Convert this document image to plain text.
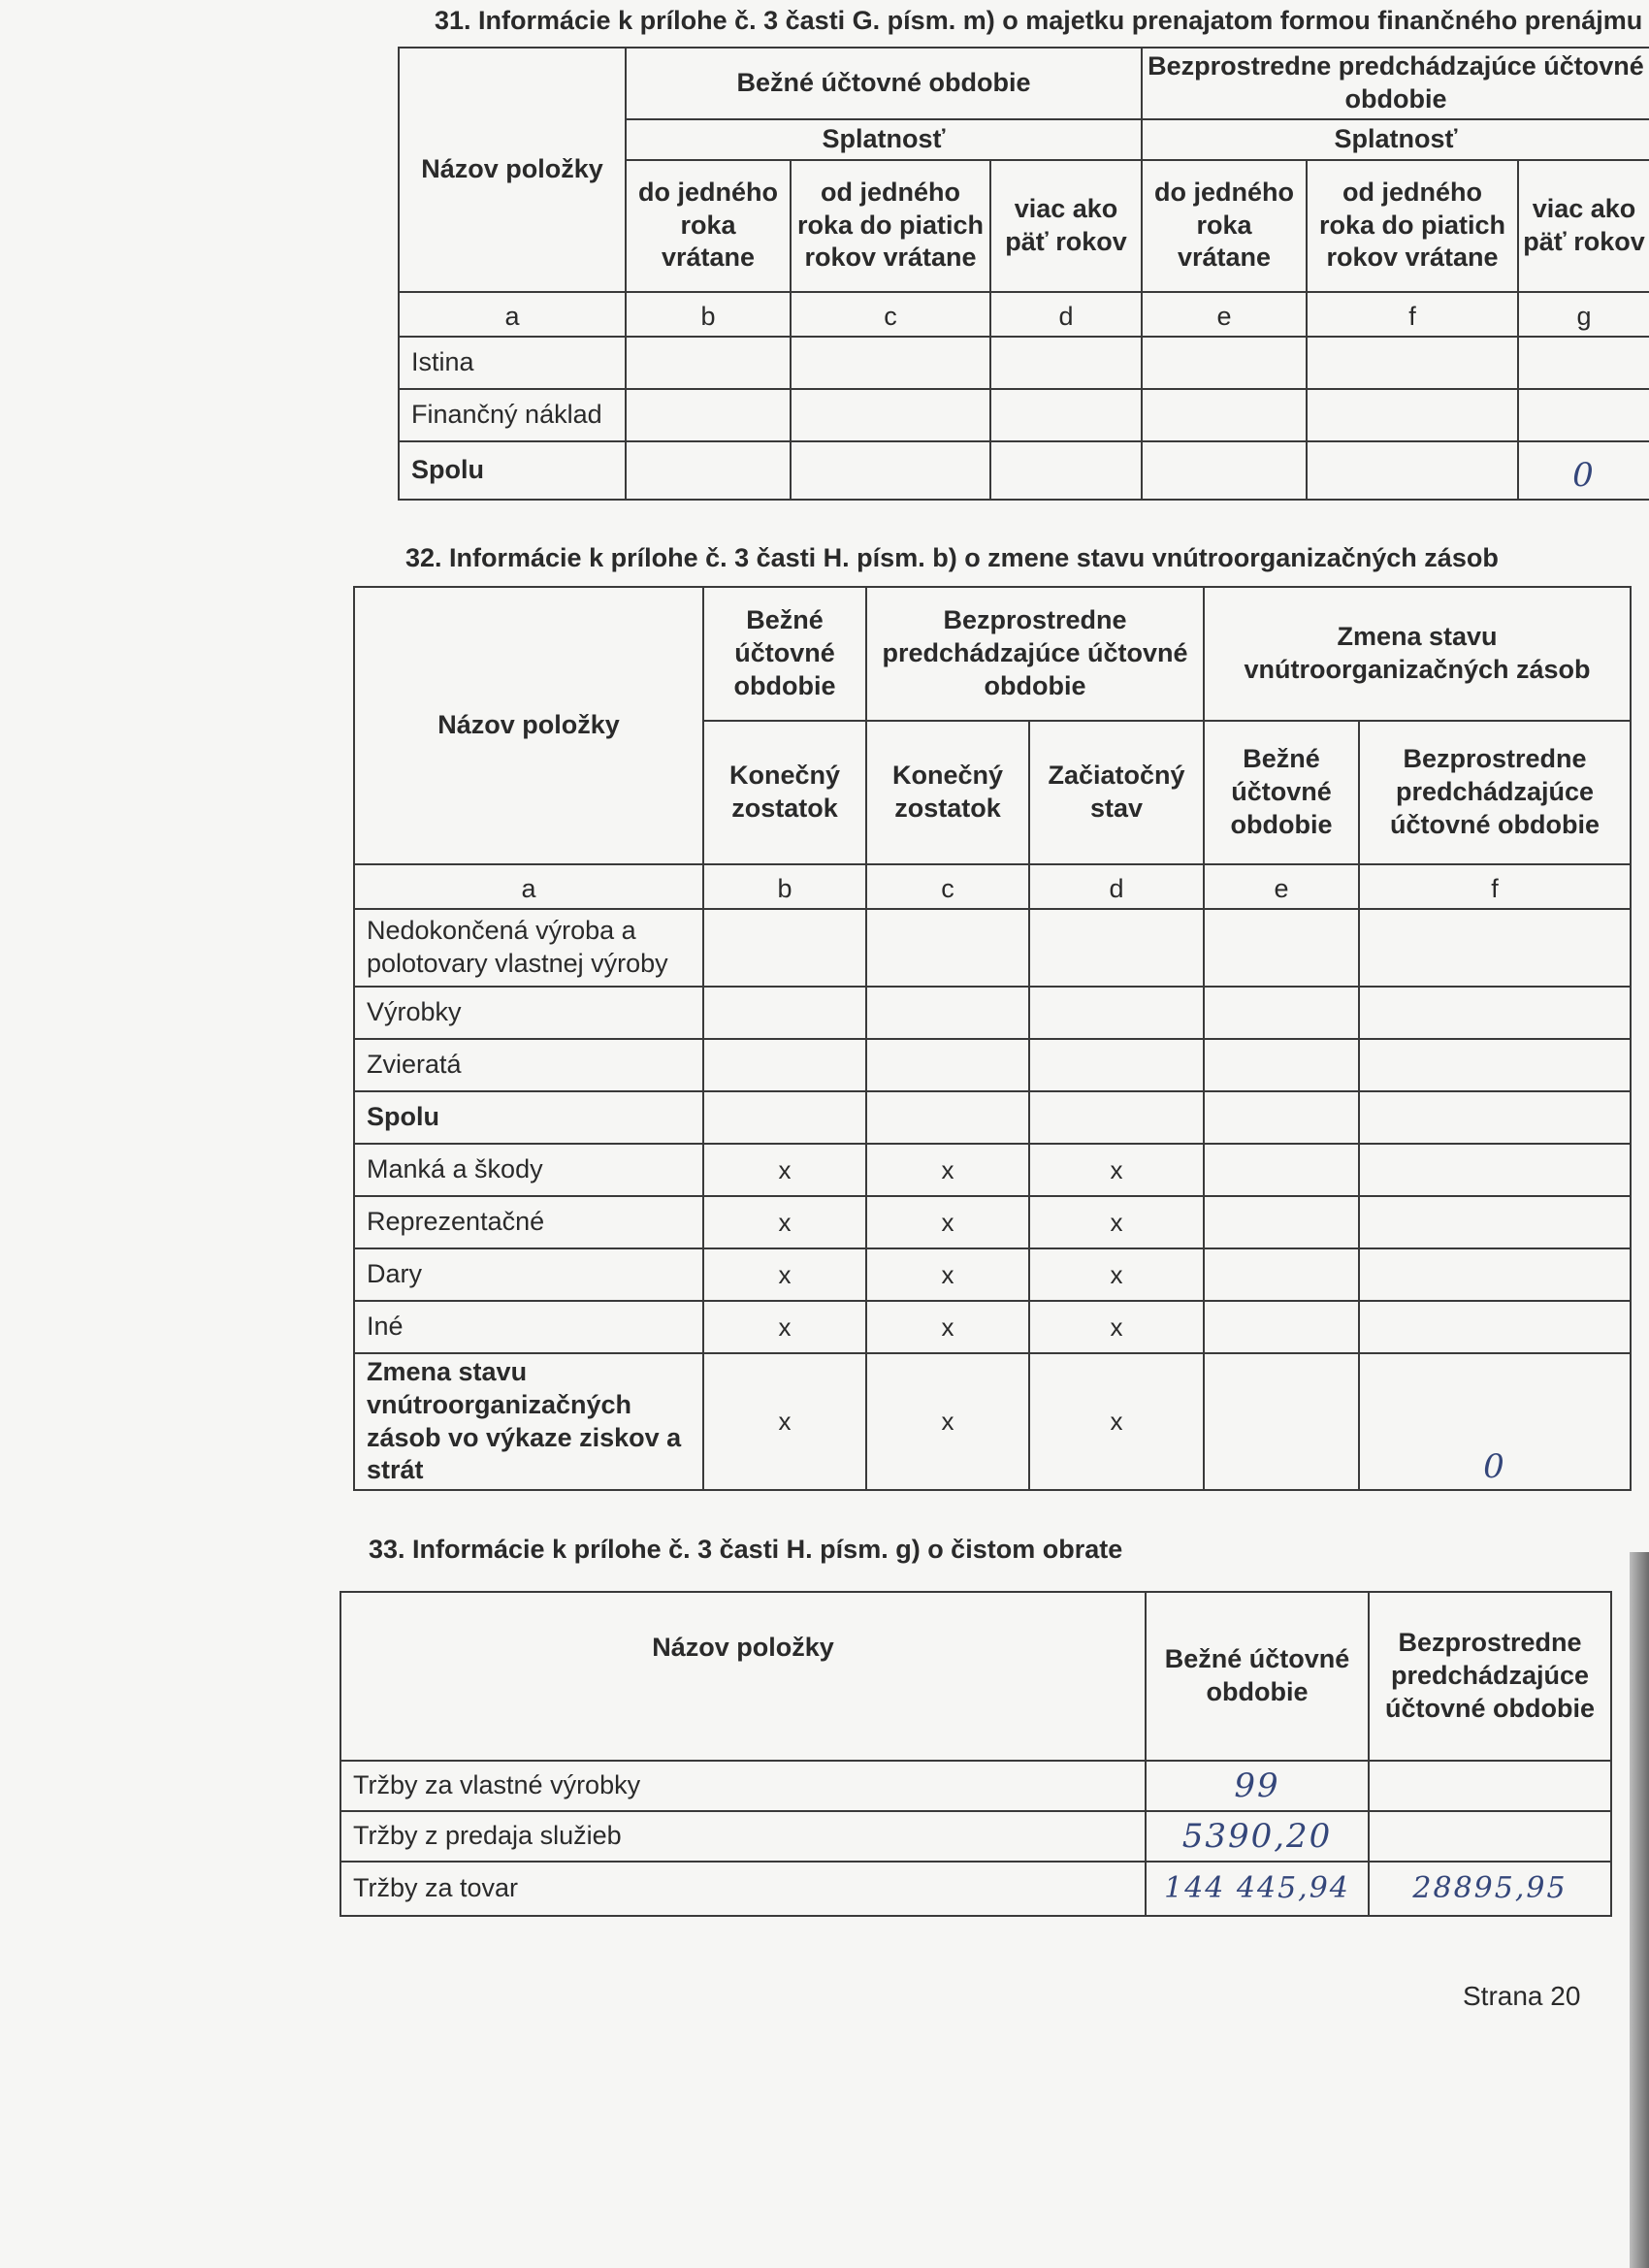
31. Informácie k prílohe č. 3 časti G. písm. m) o majetku prenajatom formou finančného prenájmu
Názov položky	Bežné účtovné obdobie			Bezprostredne predchádzajúce účtovné obdobie		
	Splatnosť			Splatnosť		
	do jedného roka vrátane	od jedného roka do piatich rokov vrátane	viac ako päť rokov	do jedného roka vrátane	od jedného roka do piatich rokov vrátane	viac ako päť rokov
a	b	c	d	e	f	g
Istina						
Finančný náklad						
Spolu						0
32. Informácie k prílohe č. 3 časti H. písm. b) o zmene stavu vnútroorganizačných zásob
Názov položky	Bežné účtovné obdobie	Bezprostredne predchádzajúce účtovné obdobie		Zmena stavu vnútroorganizačných zásob	
	Konečný zostatok	Konečný zostatok	Začiatočný stav	Bežné účtovné obdobie	Bezprostredne predchádzajúce účtovné obdobie
a	b	c	d	e	f
Nedokončená výroba a polotovary vlastnej výroby					
Výrobky					
Zvieratá					
Spolu					
Manká a škody	x	x	x		
Reprezentačné	x	x	x		
Dary	x	x	x		
Iné	x	x	x		
Zmena stavu vnútroorganizačných zásob vo výkaze ziskov a strát	x	x	x		0
33. Informácie k prílohe č. 3 časti H. písm. g) o čistom obrate
Názov položky	Bežné účtovné obdobie	Bezprostredne predchádzajúce účtovné obdobie
Tržby za vlastné výrobky	99	
Tržby z predaja služieb	5390,20	
Tržby za tovar	144 445,94	28895,95
Strana 20
